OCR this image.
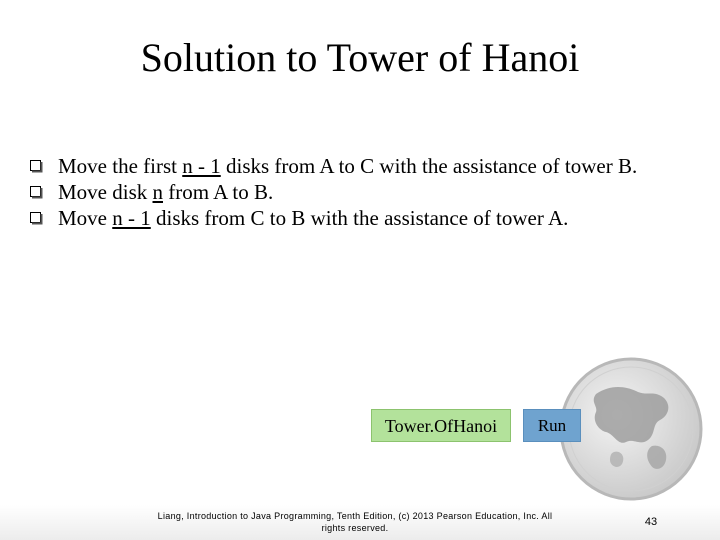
Solution to Tower of Hanoi
Move the first n - 1 disks from A to C with the assistance of tower B.
Move disk n from A to B.
Move n - 1 disks from C to B with the assistance of tower A.
Tower.OfHanoi	Run
Liang, Introduction to Java Programming, Tenth Edition, (c) 2013 Pearson Education, Inc. All
rights reserved.	43
